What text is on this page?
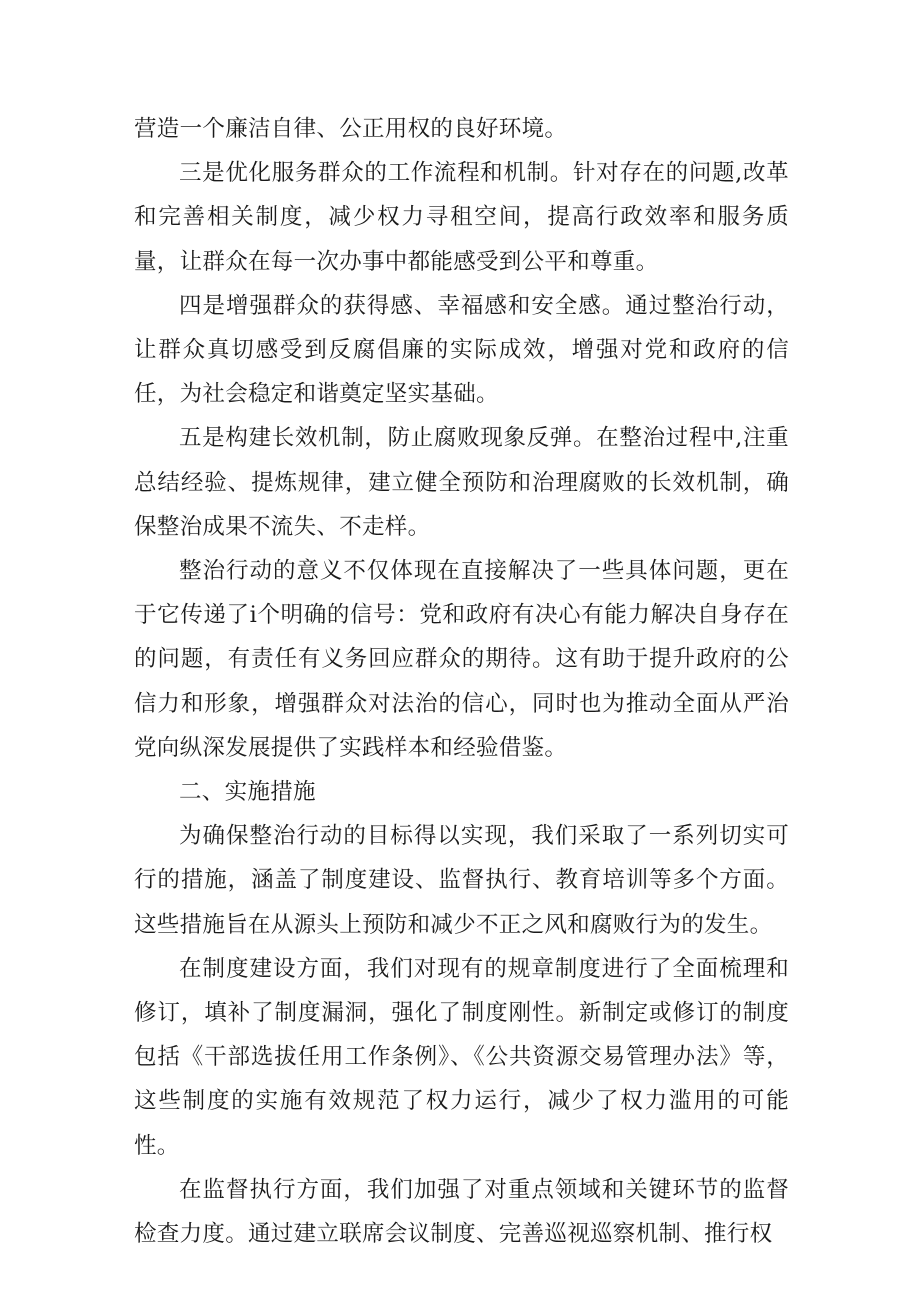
营造一个廉洁自律、公正用权的良好环境。

三是优化服务群众的工作流程和机制。针对存在的问题,改革和完善相关制度，减少权力寻租空间，提高行政效率和服务质量，让群众在每一次办事中都能感受到公平和尊重。

四是增强群众的获得感、幸福感和安全感。通过整治行动，让群众真切感受到反腐倡廉的实际成效，增强对党和政府的信任，为社会稳定和谐奠定坚实基础。

五是构建长效机制，防止腐败现象反弹。在整治过程中,注重总结经验、提炼规律，建立健全预防和治理腐败的长效机制，确保整治成果不流失、不走样。

整治行动的意义不仅体现在直接解决了一些具体问题，更在于它传递了i个明确的信号：党和政府有决心有能力解决自身存在的问题，有责任有义务回应群众的期待。这有助于提升政府的公信力和形象，增强群众对法治的信心，同时也为推动全面从严治党向纵深发展提供了实践样本和经验借鉴。

二、实施措施

为确保整治行动的目标得以实现，我们采取了一系列切实可行的措施，涵盖了制度建设、监督执行、教育培训等多个方面。这些措施旨在从源头上预防和减少不正之风和腐败行为的发生。

在制度建设方面，我们对现有的规章制度进行了全面梳理和修订，填补了制度漏洞，强化了制度刚性。新制定或修订的制度包括《干部选拔任用工作条例》、《公共资源交易管理办法》等，这些制度的实施有效规范了权力运行，减少了权力滥用的可能性。

在监督执行方面，我们加强了对重点领域和关键环节的监督检查力度。通过建立联席会议制度、完善巡视巡察机制、推行权
